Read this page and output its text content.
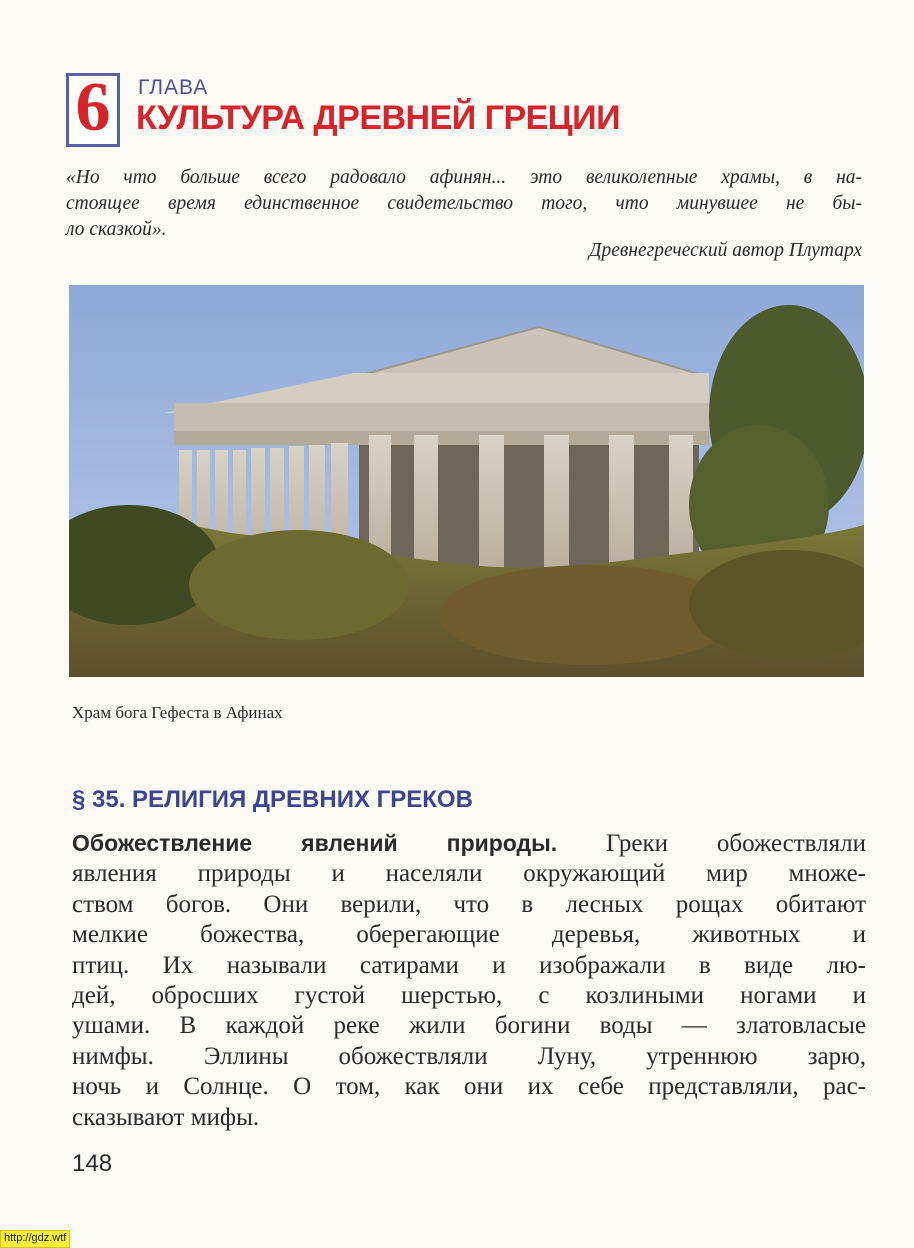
6 ГЛАВА
КУЛЬТУРА ДРЕВНЕЙ ГРЕЦИИ
«Но что больше всего радовало афинян... это великолепные храмы, в на-
стоящее время единственное свидетельство того, что минувшее не бы-
ло сказкой».
Древнегреческий автор Плутарх
Храм бога Гефеста в Афинах
§ 35. РЕЛИГИЯ ДРЕВНИХ ГРЕКОВ
Обожествление явлений природы. Греки обожествляли
явления природы и населяли окружающий мир множе-
ством богов. Они верили, что в лесных рощах обитают
мелкие божества, оберегающие деревья, животных и
птиц. Их называли сатирами и изображали в виде лю-
дей, обросших густой шерстью, с козлиными ногами и
ушами. В каждой реке жили богини воды — златовласые
нимфы. Эллины обожествляли Луну, утреннюю зарю,
ночь и Солнце. О том, как они их себе представляли, рас-
сказывают мифы.
148
http://gdz.wtf
